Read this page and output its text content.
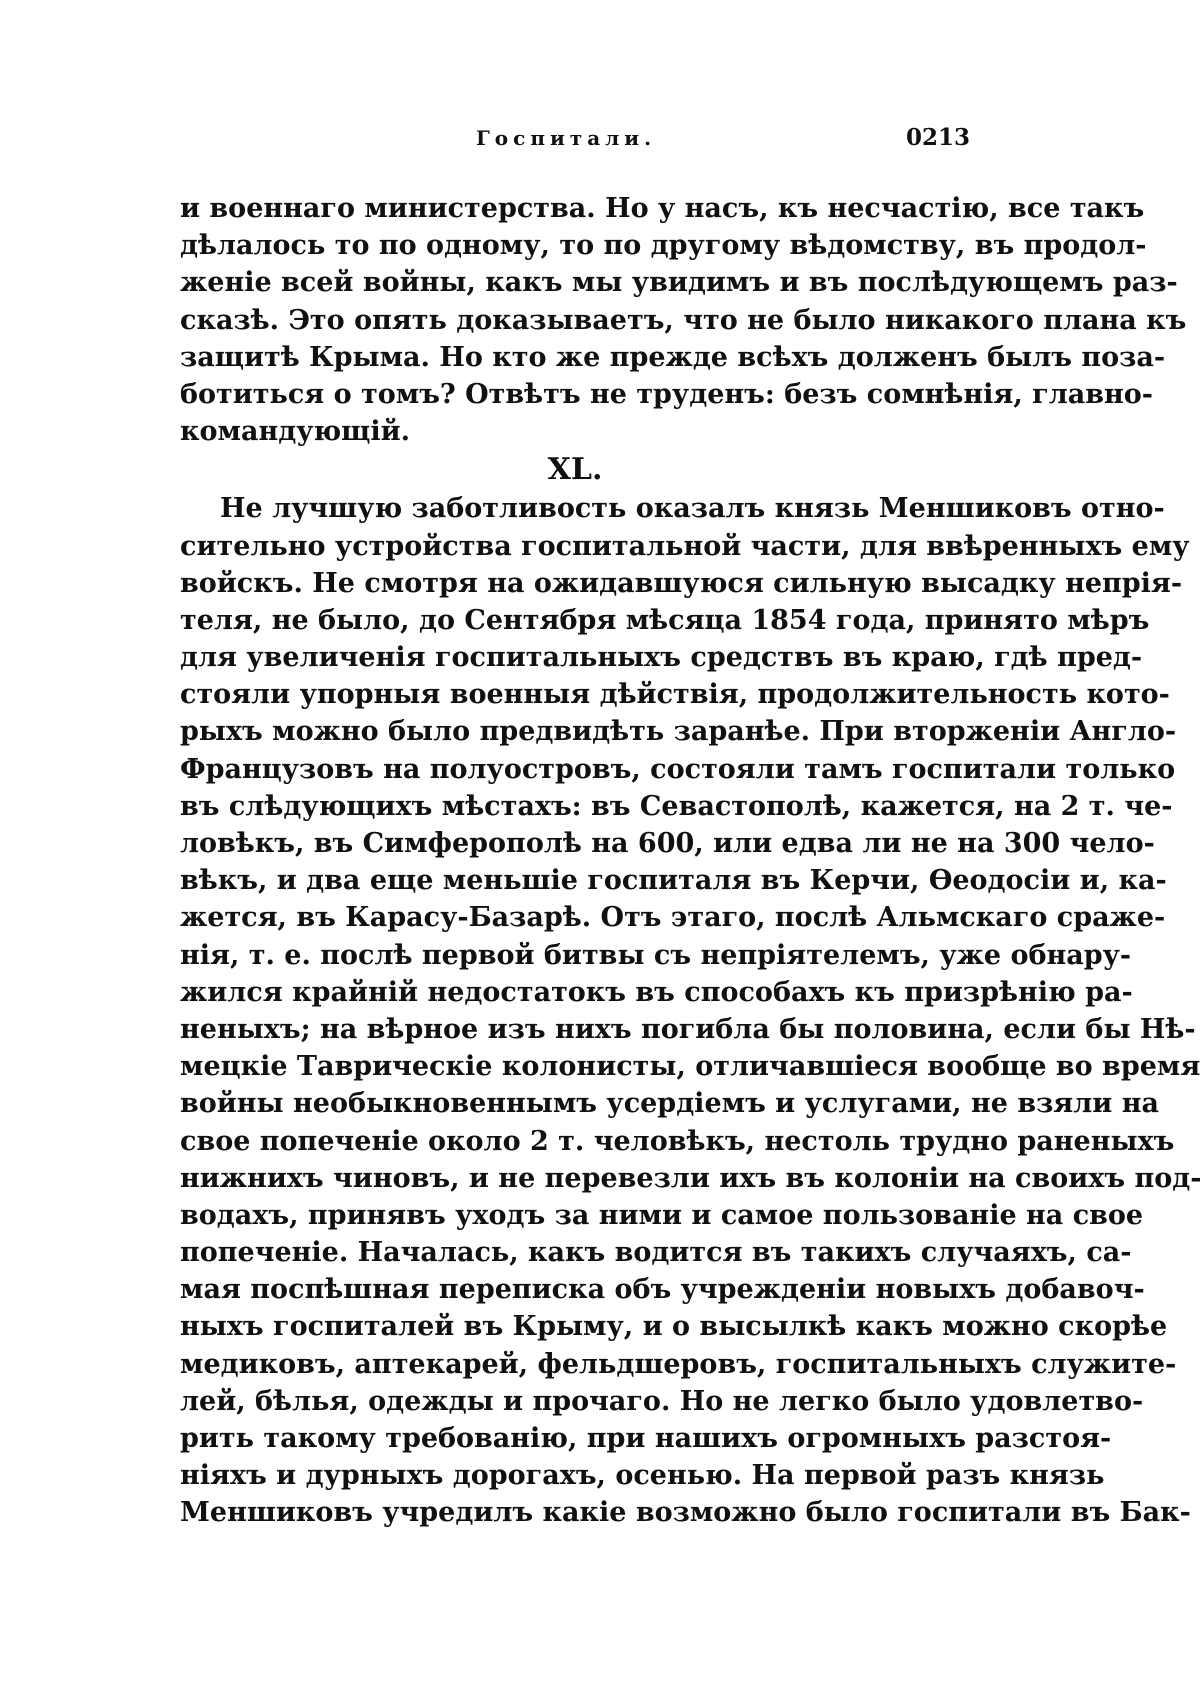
Госпитали.	0213
и военнаго министерства. Но у насъ, къ несчастію, все такъ
дѣлалось то по одному, то по другому вѣдомству, въ продол-
женіе всей войны, какъ мы увидимъ и въ послѣдующемъ раз-
сказѣ. Это опять доказываетъ, что не было никакого плана къ
защитѣ Крыма. Но кто же прежде всѣхъ долженъ былъ поза-
ботиться о томъ? Отвѣтъ не труденъ: безъ сомнѣнія, главно-
командующій.
XL.
Не лучшую заботливость оказалъ князь Меншиковъ отно-
сительно устройства госпитальной части, для ввѣренныхъ ему
войскъ. Не смотря на ожидавшуюся сильную высадку непрія-
теля, не было, до Сентября мѣсяца 1854 года, принято мѣръ
для увеличенія госпитальныхъ средствъ въ краю, гдѣ пред-
стояли упорныя военныя дѣйствія, продолжительность кото-
рыхъ можно было предвидѣть заранѣе. При вторженіи Англо-
Французовъ на полуостровъ, состояли тамъ госпитали только
въ слѣдующихъ мѣстахъ: въ Севастополѣ, кажется, на 2 т. че-
ловѣкъ, въ Симферополѣ на 600, или едва ли не на 300 чело-
вѣкъ, и два еще меньшіе госпиталя въ Керчи, Ѳеодосіи и, ка-
жется, въ Карасу-Базарѣ. Отъ этаго, послѣ Альмскаго сраже-
нія, т. е. послѣ первой битвы съ непріятелемъ, уже обнару-
жился крайній недостатокъ въ способахъ къ призрѣнію ра-
неныхъ; на вѣрное изъ нихъ погибла бы половина, если бы Нѣ-
мецкіе Таврическіе колонисты, отличавшіеся вообще во время
войны необыкновеннымъ усердіемъ и услугами, не взяли на
свое попеченіе около 2 т. человѣкъ, нестоль трудно раненыхъ
нижнихъ чиновъ, и не перевезли ихъ въ колоніи на своихъ под-
водахъ, принявъ уходъ за ними и самое пользованіе на свое
попеченіе. Началась, какъ водится въ такихъ случаяхъ, са-
мая поспѣшная переписка объ учрежденіи новыхъ добавоч-
ныхъ госпиталей въ Крыму, и о высылкѣ какъ можно скорѣе
медиковъ, аптекарей, фельдшеровъ, госпитальныхъ служите-
лей, бѣлья, одежды и прочаго. Но не легко было удовлетво-
рить такому требованію, при нашихъ огромныхъ разстоя-
ніяхъ и дурныхъ дорогахъ, осенью. На первой разъ князь
Меншиковъ учредилъ какіе возможно было госпитали въ Бак-
